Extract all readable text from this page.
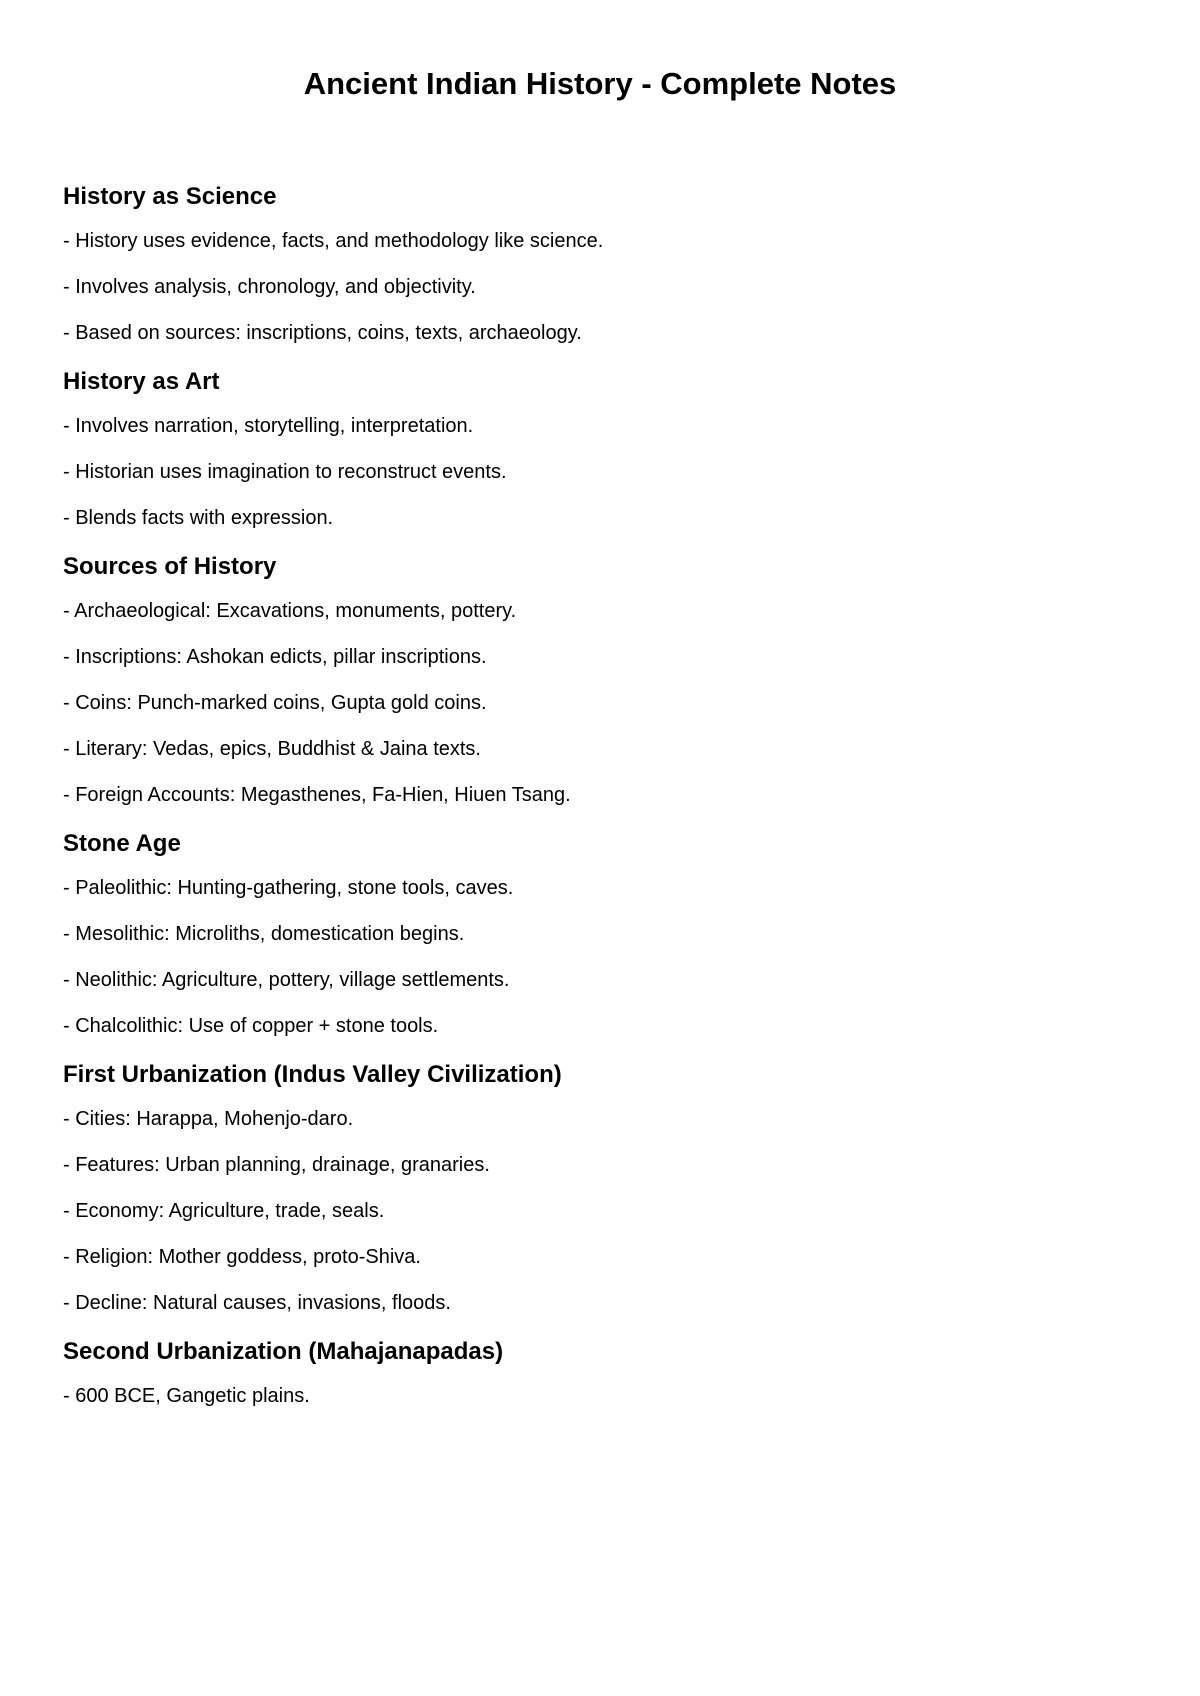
Ancient Indian History - Complete Notes
History as Science
- History uses evidence, facts, and methodology like science.
- Involves analysis, chronology, and objectivity.
- Based on sources: inscriptions, coins, texts, archaeology.
History as Art
- Involves narration, storytelling, interpretation.
- Historian uses imagination to reconstruct events.
- Blends facts with expression.
Sources of History
- Archaeological: Excavations, monuments, pottery.
- Inscriptions: Ashokan edicts, pillar inscriptions.
- Coins: Punch-marked coins, Gupta gold coins.
- Literary: Vedas, epics, Buddhist & Jaina texts.
- Foreign Accounts: Megasthenes, Fa-Hien, Hiuen Tsang.
Stone Age
- Paleolithic: Hunting-gathering, stone tools, caves.
- Mesolithic: Microliths, domestication begins.
- Neolithic: Agriculture, pottery, village settlements.
- Chalcolithic: Use of copper + stone tools.
First Urbanization (Indus Valley Civilization)
- Cities: Harappa, Mohenjo-daro.
- Features: Urban planning, drainage, granaries.
- Economy: Agriculture, trade, seals.
- Religion: Mother goddess, proto-Shiva.
- Decline: Natural causes, invasions, floods.
Second Urbanization (Mahajanapadas)
- 600 BCE, Gangetic plains.
